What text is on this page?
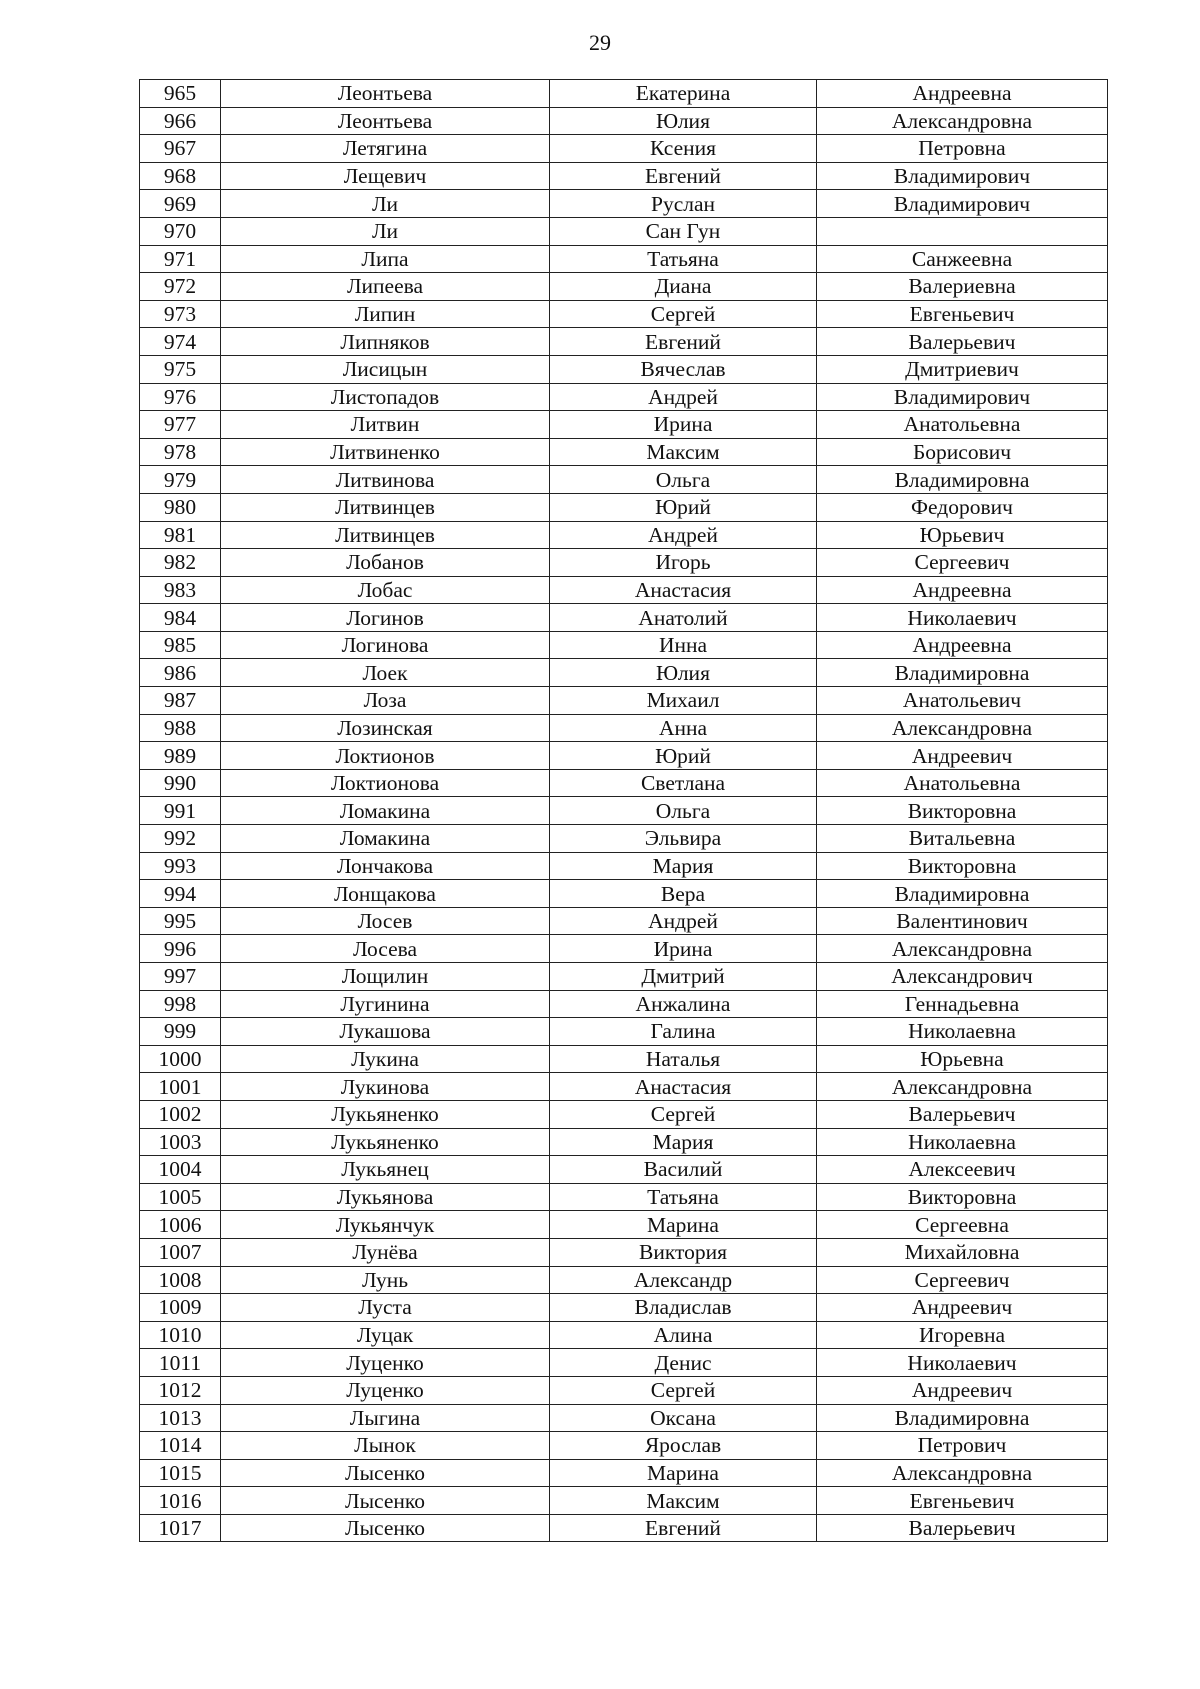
29
965	Леонтьева	Екатерина	Андреевна
966	Леонтьева	Юлия	Александровна
967	Летягина	Ксения	Петровна
968	Лещевич	Евгений	Владимирович
969	Ли	Руслан	Владимирович
970	Ли	Сан Гун	
971	Липа	Татьяна	Санжеевна
972	Липеева	Диана	Валериевна
973	Липин	Сергей	Евгеньевич
974	Липняков	Евгений	Валерьевич
975	Лисицын	Вячеслав	Дмитриевич
976	Листопадов	Андрей	Владимирович
977	Литвин	Ирина	Анатольевна
978	Литвиненко	Максим	Борисович
979	Литвинова	Ольга	Владимировна
980	Литвинцев	Юрий	Федорович
981	Литвинцев	Андрей	Юрьевич
982	Лобанов	Игорь	Сергеевич
983	Лобас	Анастасия	Андреевна
984	Логинов	Анатолий	Николаевич
985	Логинова	Инна	Андреевна
986	Лоек	Юлия	Владимировна
987	Лоза	Михаил	Анатольевич
988	Лозинская	Анна	Александровна
989	Локтионов	Юрий	Андреевич
990	Локтионова	Светлана	Анатольевна
991	Ломакина	Ольга	Викторовна
992	Ломакина	Эльвира	Витальевна
993	Лончакова	Мария	Викторовна
994	Лонщакова	Вера	Владимировна
995	Лосев	Андрей	Валентинович
996	Лосева	Ирина	Александровна
997	Лощилин	Дмитрий	Александрович
998	Лугинина	Анжалина	Геннадьевна
999	Лукашова	Галина	Николаевна
1000	Лукина	Наталья	Юрьевна
1001	Лукинова	Анастасия	Александровна
1002	Лукьяненко	Сергей	Валерьевич
1003	Лукьяненко	Мария	Николаевна
1004	Лукьянец	Василий	Алексеевич
1005	Лукьянова	Татьяна	Викторовна
1006	Лукьянчук	Марина	Сергеевна
1007	Лунёва	Виктория	Михайловна
1008	Лунь	Александр	Сергеевич
1009	Луста	Владислав	Андреевич
1010	Луцак	Алина	Игоревна
1011	Луценко	Денис	Николаевич
1012	Луценко	Сергей	Андреевич
1013	Лыгина	Оксана	Владимировна
1014	Лынок	Ярослав	Петрович
1015	Лысенко	Марина	Александровна
1016	Лысенко	Максим	Евгеньевич
1017	Лысенко	Евгений	Валерьевич
